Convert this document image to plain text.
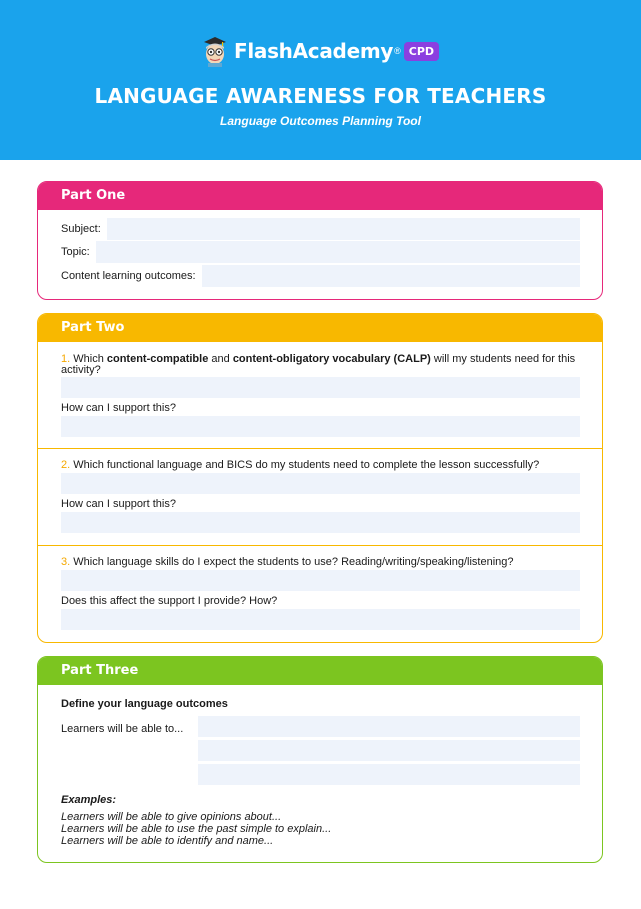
FlashAcademy ® CPD
LANGUAGE AWARENESS FOR TEACHERS
Language Outcomes Planning Tool
Part One
Subject:
Topic:
Content learning outcomes:
Part Two
1. Which content-compatible and content-obligatory vocabulary (CALP) will my students need for this activity?
How can I support this?
2. Which functional language and BICS do my students need to complete the lesson successfully?
How can I support this?
3. Which language skills do I expect the students to use? Reading/writing/speaking/listening?
Does this affect the support I provide? How?
Part Three
Define your language outcomes
Learners will be able to...
Examples:
Learners will be able to give opinions about...
Learners will be able to use the past simple to explain...
Learners will be able to identify and name...
